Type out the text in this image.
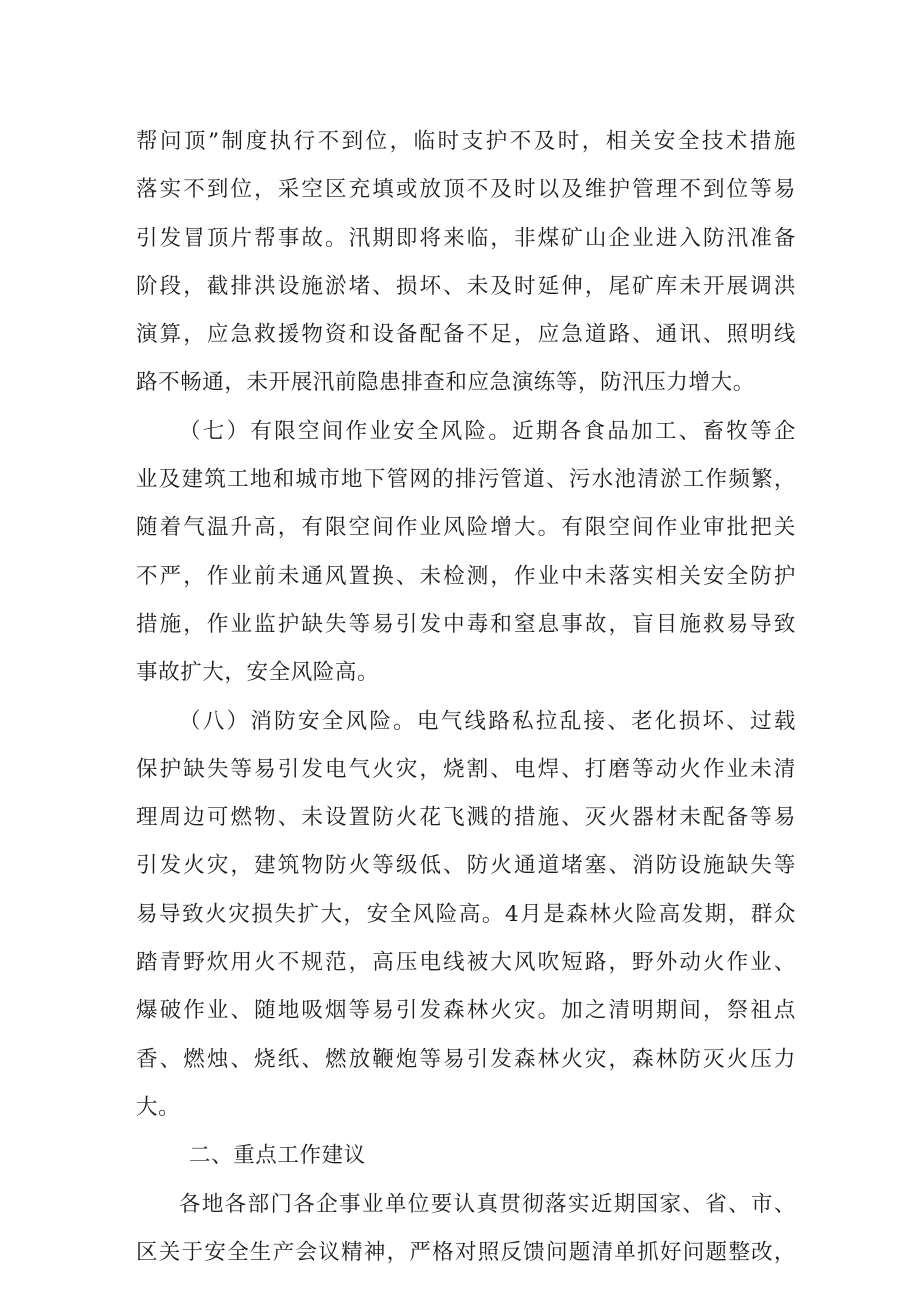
帮问顶”制度执行不到位，临时支护不及时，相关安全技术措施
落实不到位，采空区充填或放顶不及时以及维护管理不到位等易
引发冒顶片帮事故。汛期即将来临，非煤矿山企业进入防汛准备
阶段，截排洪设施淤堵、损坏、未及时延伸，尾矿库未开展调洪
演算，应急救援物资和设备配备不足，应急道路、通讯、照明线
路不畅通，未开展汛前隐患排查和应急演练等，防汛压力增大。

（七）有限空间作业安全风险。近期各食品加工、畜牧等企
业及建筑工地和城市地下管网的排污管道、污水池清淤工作频繁，
随着气温升高，有限空间作业风险增大。有限空间作业审批把关
不严，作业前未通风置换、未检测，作业中未落实相关安全防护
措施，作业监护缺失等易引发中毒和窒息事故，盲目施救易导致
事故扩大，安全风险高。

（八）消防安全风险。电气线路私拉乱接、老化损坏、过载
保护缺失等易引发电气火灾，烧割、电焊、打磨等动火作业未清
理周边可燃物、未设置防火花飞溅的措施、灭火器材未配备等易
引发火灾，建筑物防火等级低、防火通道堵塞、消防设施缺失等
易导致火灾损失扩大，安全风险高。4月是森林火险高发期，群众
踏青野炊用火不规范，高压电线被大风吹短路，野外动火作业、
爆破作业、随地吸烟等易引发森林火灾。加之清明期间，祭祖点
香、燃烛、烧纸、燃放鞭炮等易引发森林火灾，森林防灭火压力
大。

二、重点工作建议

各地各部门各企事业单位要认真贯彻落实近期国家、省、市、
区关于安全生产会议精神，严格对照反馈问题清单抓好问题整改，
